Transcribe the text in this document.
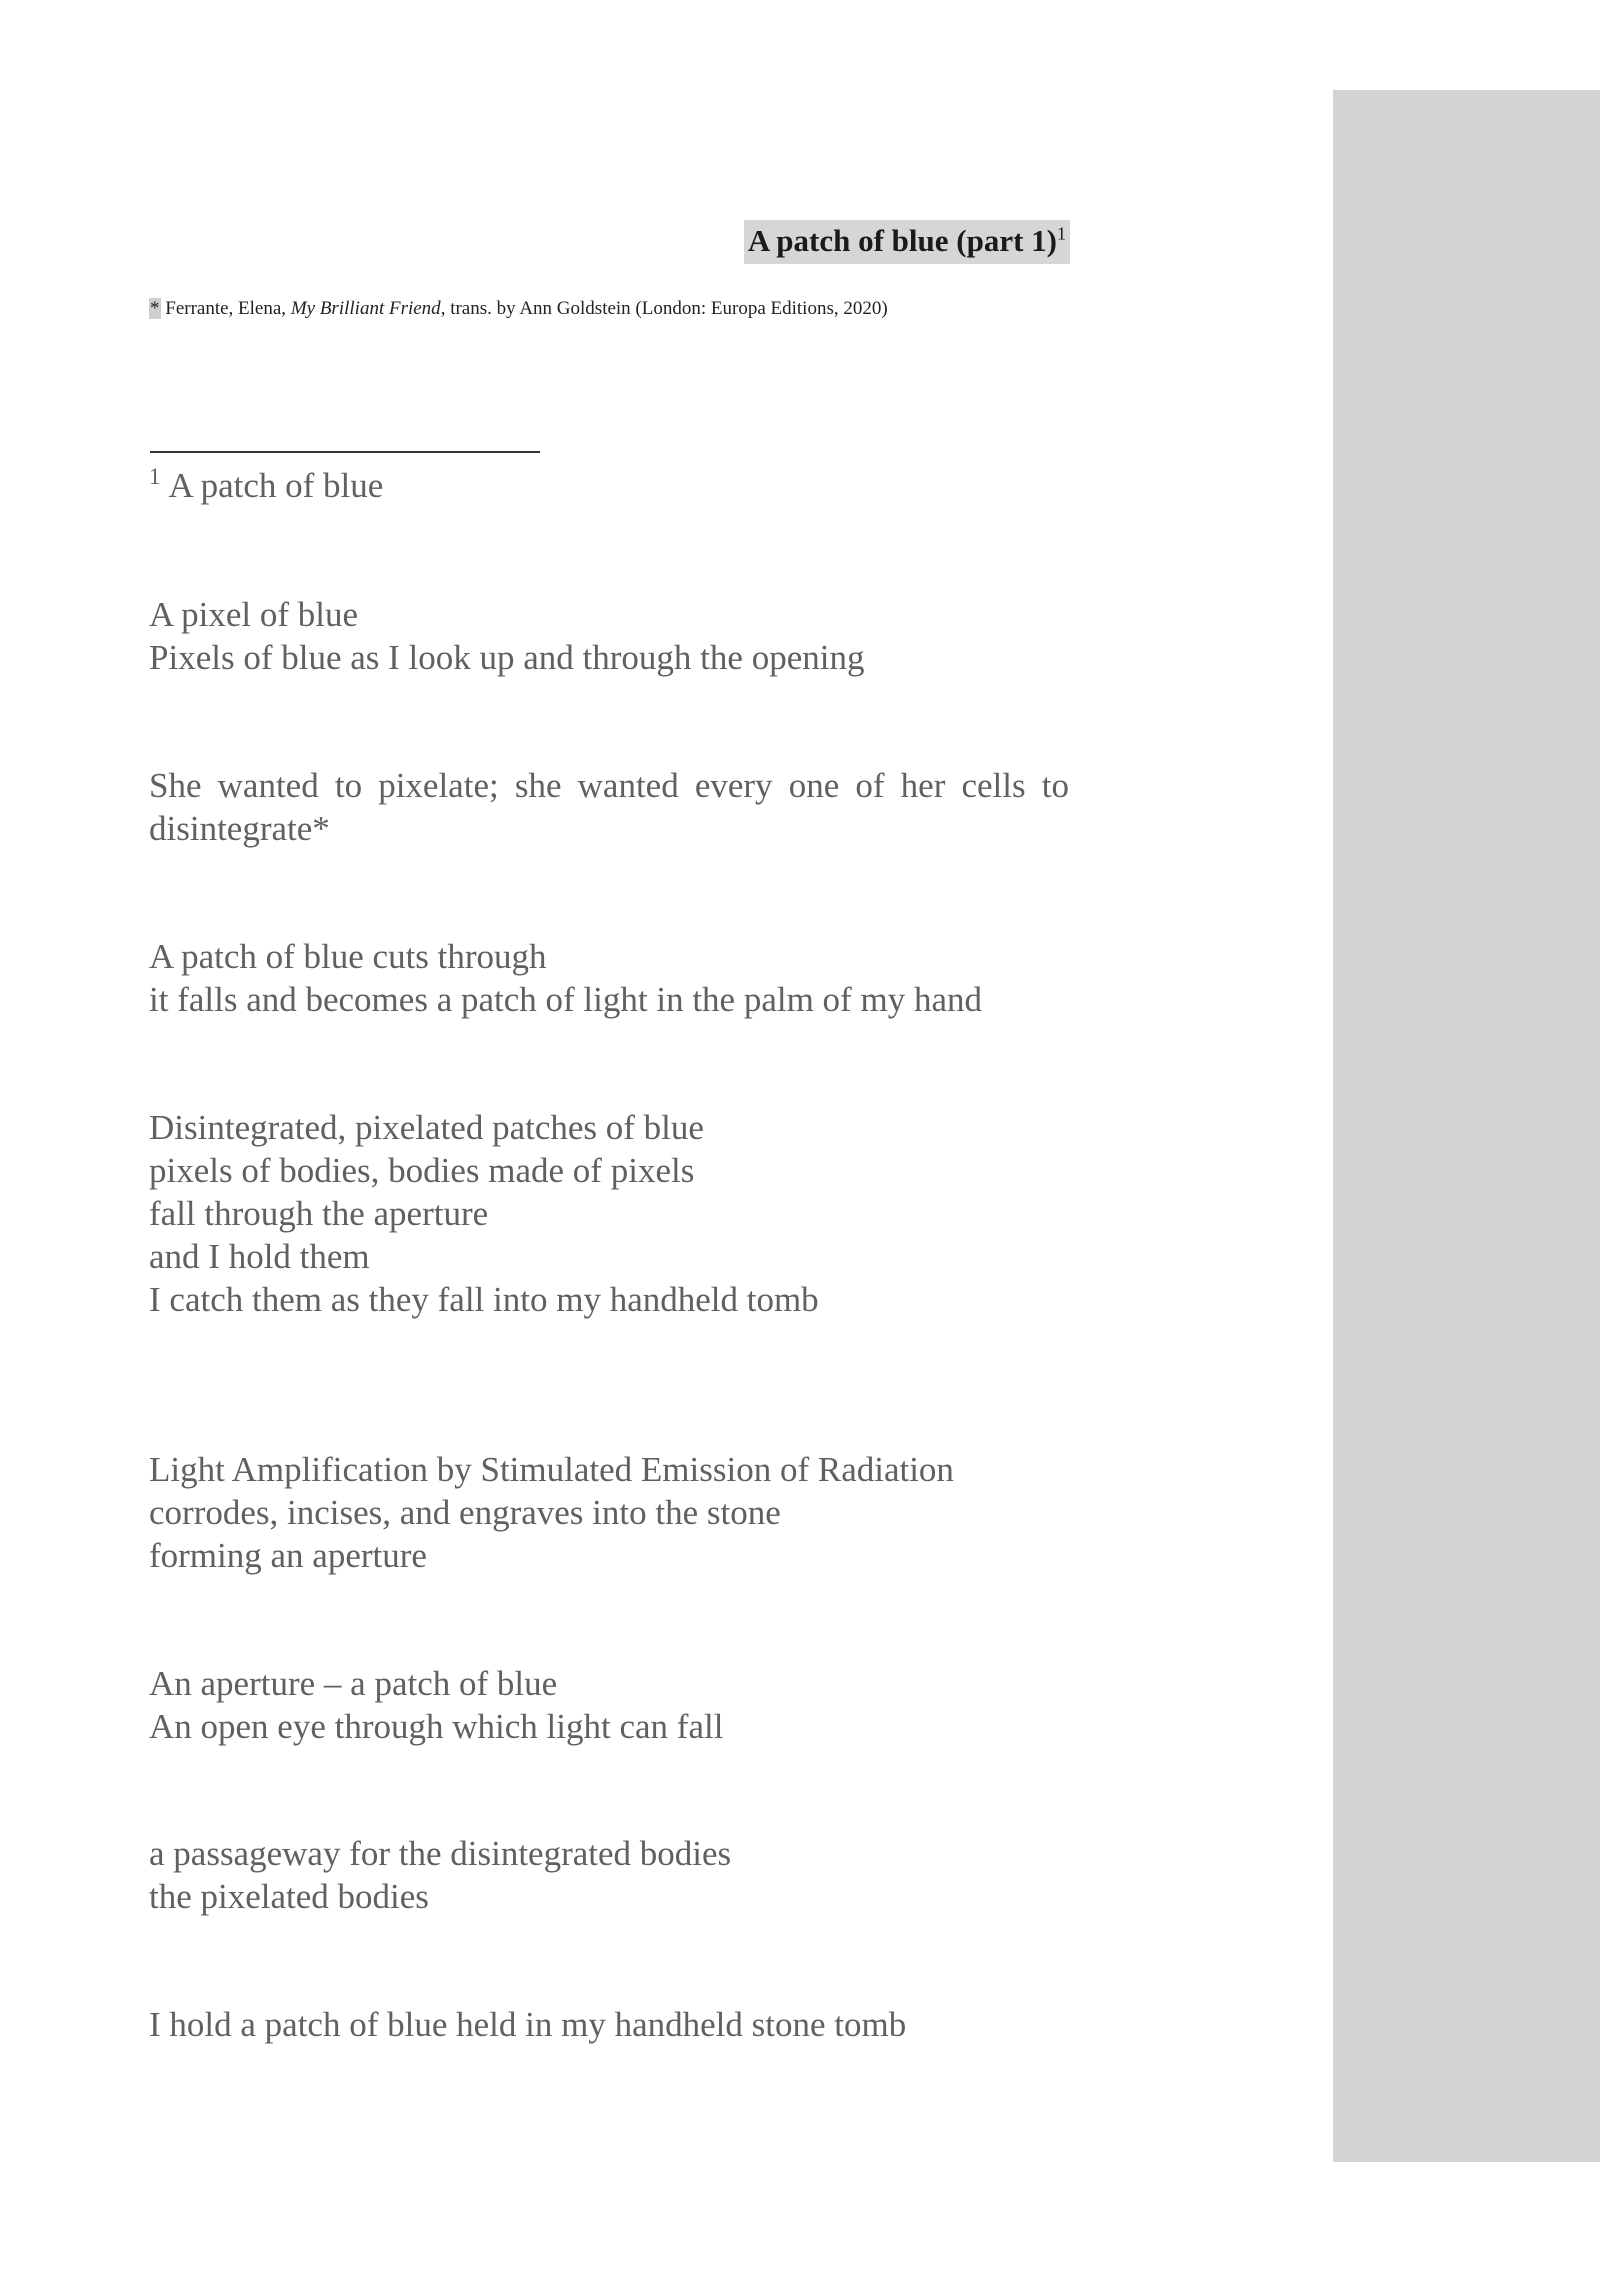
A patch of blue (part 1)$^1$
* Ferrante, Elena, My Brilliant Friend, trans. by Ann Goldstein (London: Europa Editions, 2020)
$^1$ A patch of blue
A pixel of blue
Pixels of blue as I look up and through the opening
She wanted to pixelate; she wanted every one of her cells to
disintegrate*
A patch of blue cuts through
it falls and becomes a patch of light in the palm of my hand
Disintegrated, pixelated patches of blue
pixels of bodies, bodies made of pixels
fall through the aperture
and I hold them
I catch them as they fall into my handheld tomb
Light Amplification by Stimulated Emission of Radiation
corrodes, incises, and engraves into the stone
forming an aperture
An aperture – a patch of blue
An open eye through which light can fall
a passageway for the disintegrated bodies
the pixelated bodies
I hold a patch of blue held in my handheld stone tomb
